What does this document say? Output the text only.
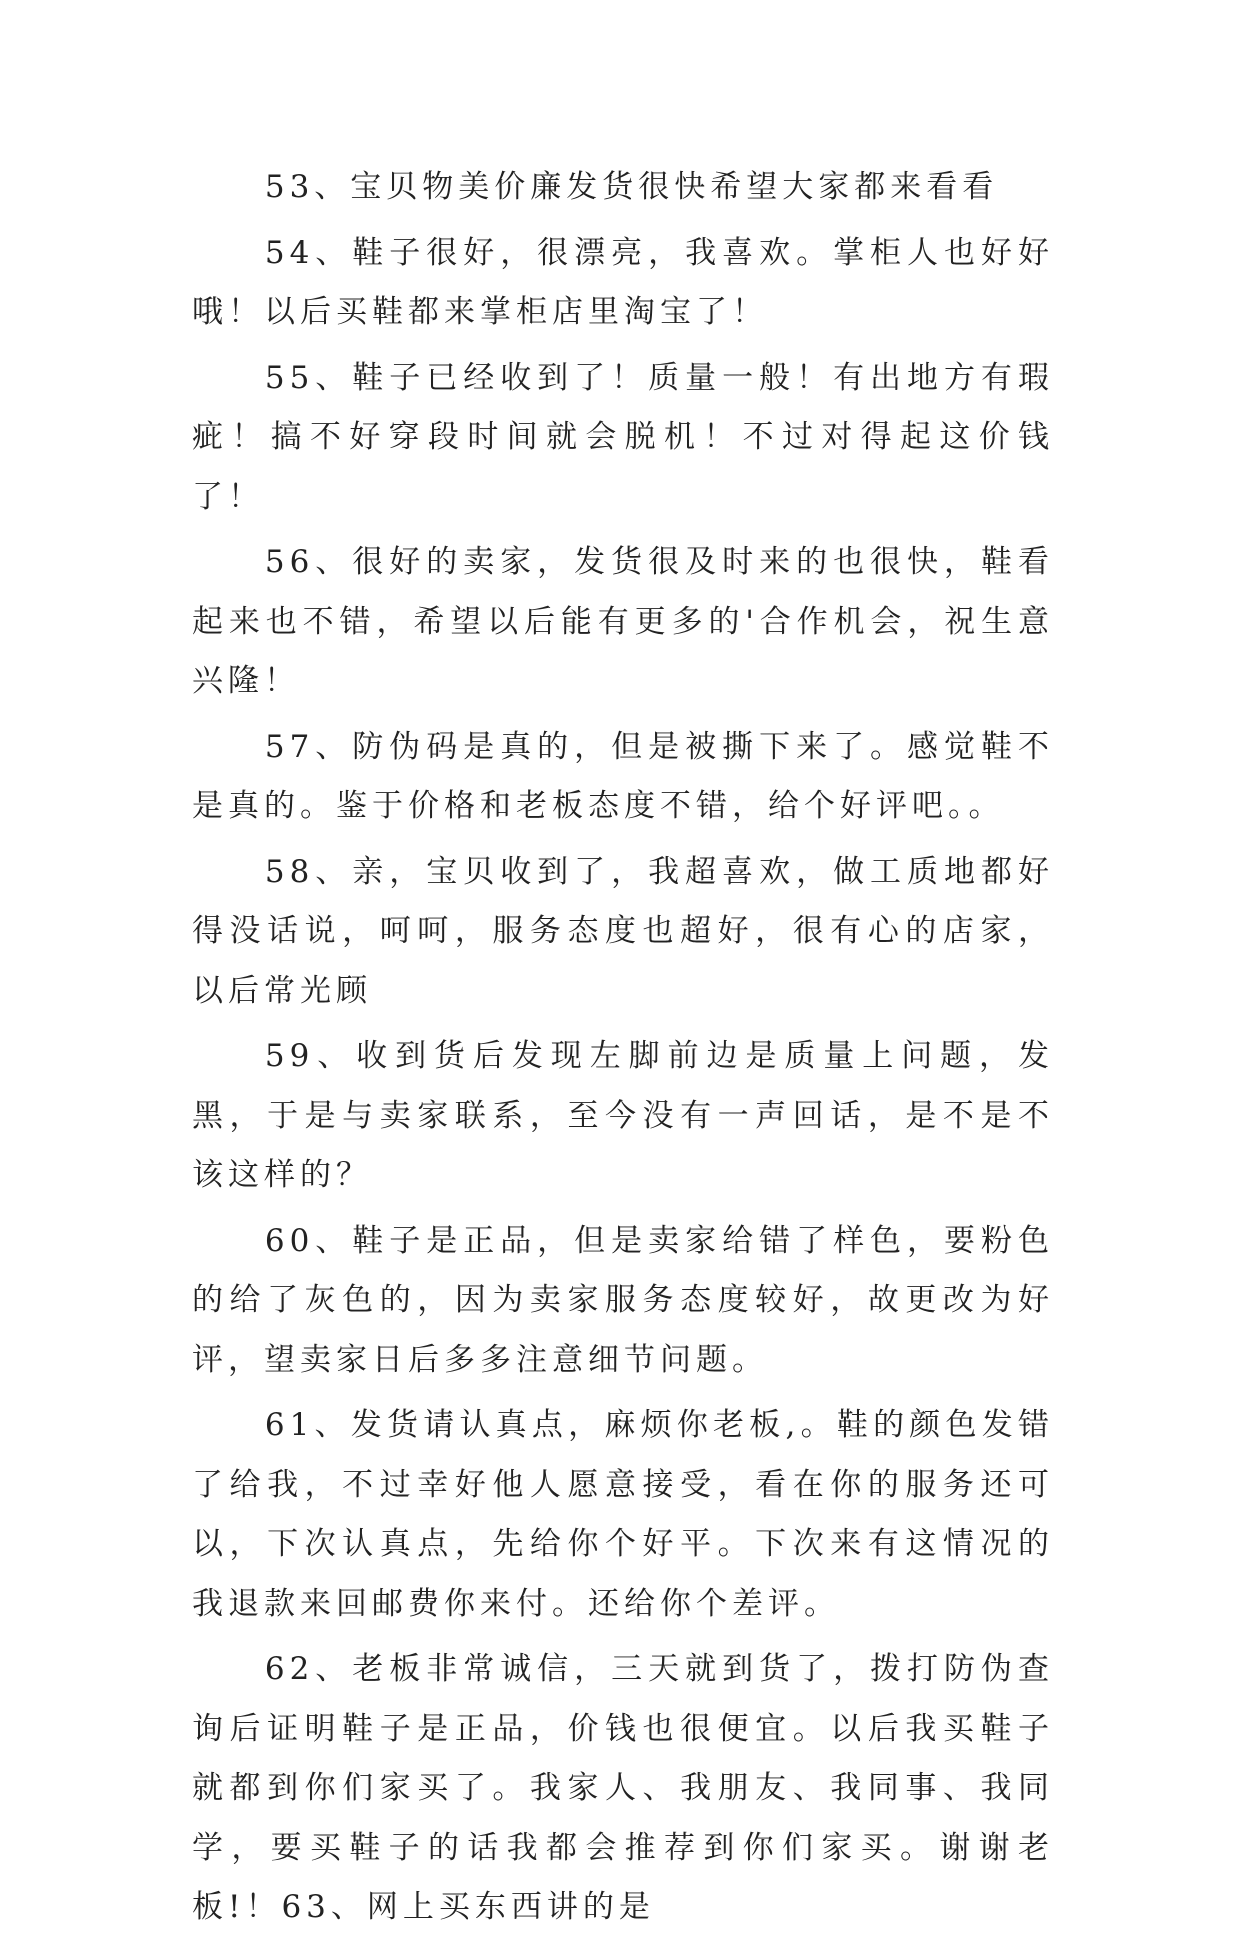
53、宝贝物美价廉发货很快希望大家都来看看

54、鞋子很好，很漂亮，我喜欢。掌柜人也好好哦！以后买鞋都来掌柜店里淘宝了！

55、鞋子已经收到了！质量一般！有出地方有瑕疵！搞不好穿段时间就会脱机！不过对得起这价钱了！

56、很好的卖家，发货很及时来的也很快，鞋看起来也不错，希望以后能有更多的'合作机会，祝生意兴隆！

57、防伪码是真的，但是被撕下来了。感觉鞋不是真的。鉴于价格和老板态度不错，给个好评吧。。

58、亲，宝贝收到了，我超喜欢，做工质地都好得没话说，呵呵，服务态度也超好，很有心的店家，以后常光顾

59、收到货后发现左脚前边是质量上问题，发黑，于是与卖家联系，至今没有一声回话，是不是不该这样的？

60、鞋子是正品，但是卖家给错了样色，要粉色的给了灰色的，因为卖家服务态度较好，故更改为好评，望卖家日后多多注意细节问题。

61、发货请认真点，麻烦你老板,。鞋的颜色发错了给我，不过幸好他人愿意接受，看在你的服务还可以，下次认真点，先给你个好平。下次来有这情况的我退款来回邮费你来付。还给你个差评。

62、老板非常诚信，三天就到货了，拨打防伪查询后证明鞋子是正品，价钱也很便宜。以后我买鞋子就都到你们家买了。我家人、我朋友、我同事、我同学，要买鞋子的话我都会推荐到你们家买。谢谢老板!！63、网上买东西讲的是
